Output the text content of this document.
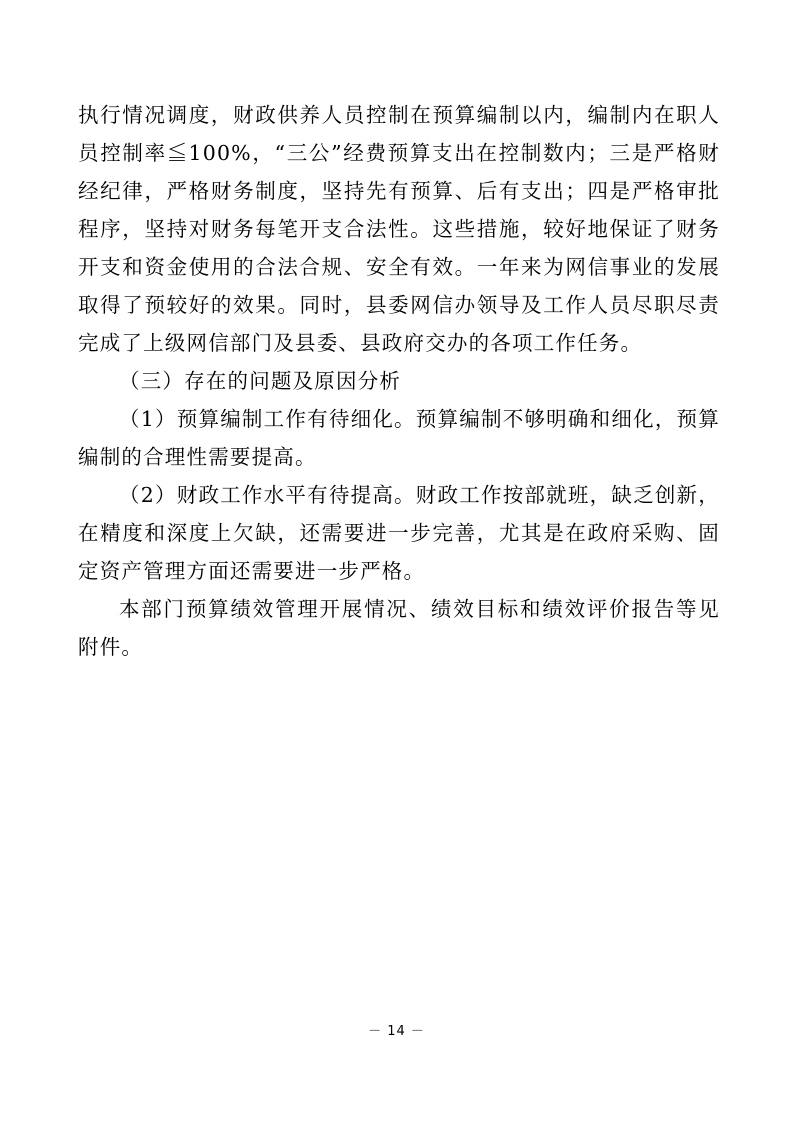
执行情况调度，财政供养人员控制在预算编制以内，编制内在职人员控制率≦100%，“三公”经费预算支出在控制数内；三是严格财经纪律，严格财务制度，坚持先有预算、后有支出；四是严格审批程序，坚持对财务每笔开支合法性。这些措施，较好地保证了财务开支和资金使用的合法合规、安全有效。一年来为网信事业的发展取得了预较好的效果。同时，县委网信办领导及工作人员尽职尽责完成了上级网信部门及县委、县政府交办的各项工作任务。

（三）存在的问题及原因分析

（1）预算编制工作有待细化。预算编制不够明确和细化，预算编制的合理性需要提高。

（2）财政工作水平有待提高。财政工作按部就班，缺乏创新，在精度和深度上欠缺，还需要进一步完善，尤其是在政府采购、固定资产管理方面还需要进一步严格。

本部门预算绩效管理开展情况、绩效目标和绩效评价报告等见附件。

－ 14 －
